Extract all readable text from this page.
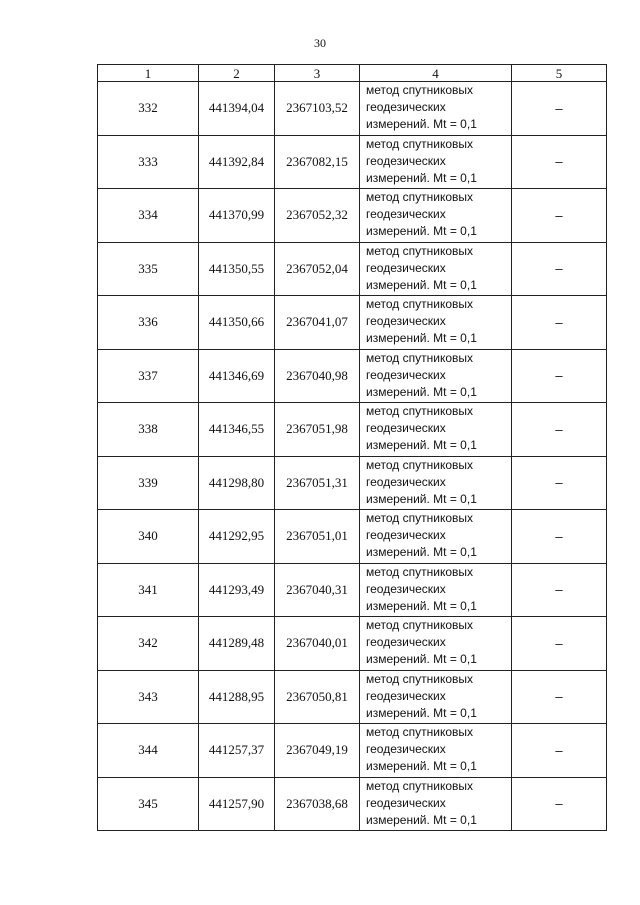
30
1	2	3	4	5
332	441394,04	2367103,52	метод спутниковых
геодезических
измерений. Mt = 0,1	–
333	441392,84	2367082,15	метод спутниковых
геодезических
измерений. Mt = 0,1	–
334	441370,99	2367052,32	метод спутниковых
геодезических
измерений. Mt = 0,1	–
335	441350,55	2367052,04	метод спутниковых
геодезических
измерений. Mt = 0,1	–
336	441350,66	2367041,07	метод спутниковых
геодезических
измерений. Mt = 0,1	–
337	441346,69	2367040,98	метод спутниковых
геодезических
измерений. Mt = 0,1	–
338	441346,55	2367051,98	метод спутниковых
геодезических
измерений. Mt = 0,1	–
339	441298,80	2367051,31	метод спутниковых
геодезических
измерений. Mt = 0,1	–
340	441292,95	2367051,01	метод спутниковых
геодезических
измерений. Mt = 0,1	–
341	441293,49	2367040,31	метод спутниковых
геодезических
измерений. Mt = 0,1	–
342	441289,48	2367040,01	метод спутниковых
геодезических
измерений. Mt = 0,1	–
343	441288,95	2367050,81	метод спутниковых
геодезических
измерений. Mt = 0,1	–
344	441257,37	2367049,19	метод спутниковых
геодезических
измерений. Mt = 0,1	–
345	441257,90	2367038,68	метод спутниковых
геодезических
измерений. Mt = 0,1	–
